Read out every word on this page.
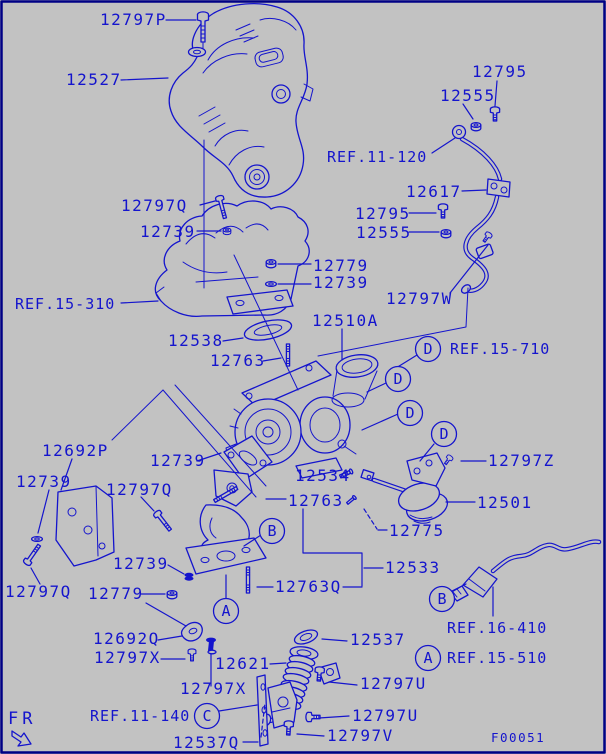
D
D
D
D
B
B
A
A
C
12797P
12527	12795
12555
REF.11-120
12617
12795
12555
12779
12739
12797Q
12739
REF.15-310
12538
12763
12510A
12797W
REF.15-710
12692P
12739
12739
12797Q
12534
12763
12797Z
12501
12775
12533
12763Q
12797Q 12779
12739
12692Q
12797X	12621
12797X	12797U
12797U
12797V
12537
REF.16-410
REF.15-510
12537Q
REF.11-140
FR
F00051
